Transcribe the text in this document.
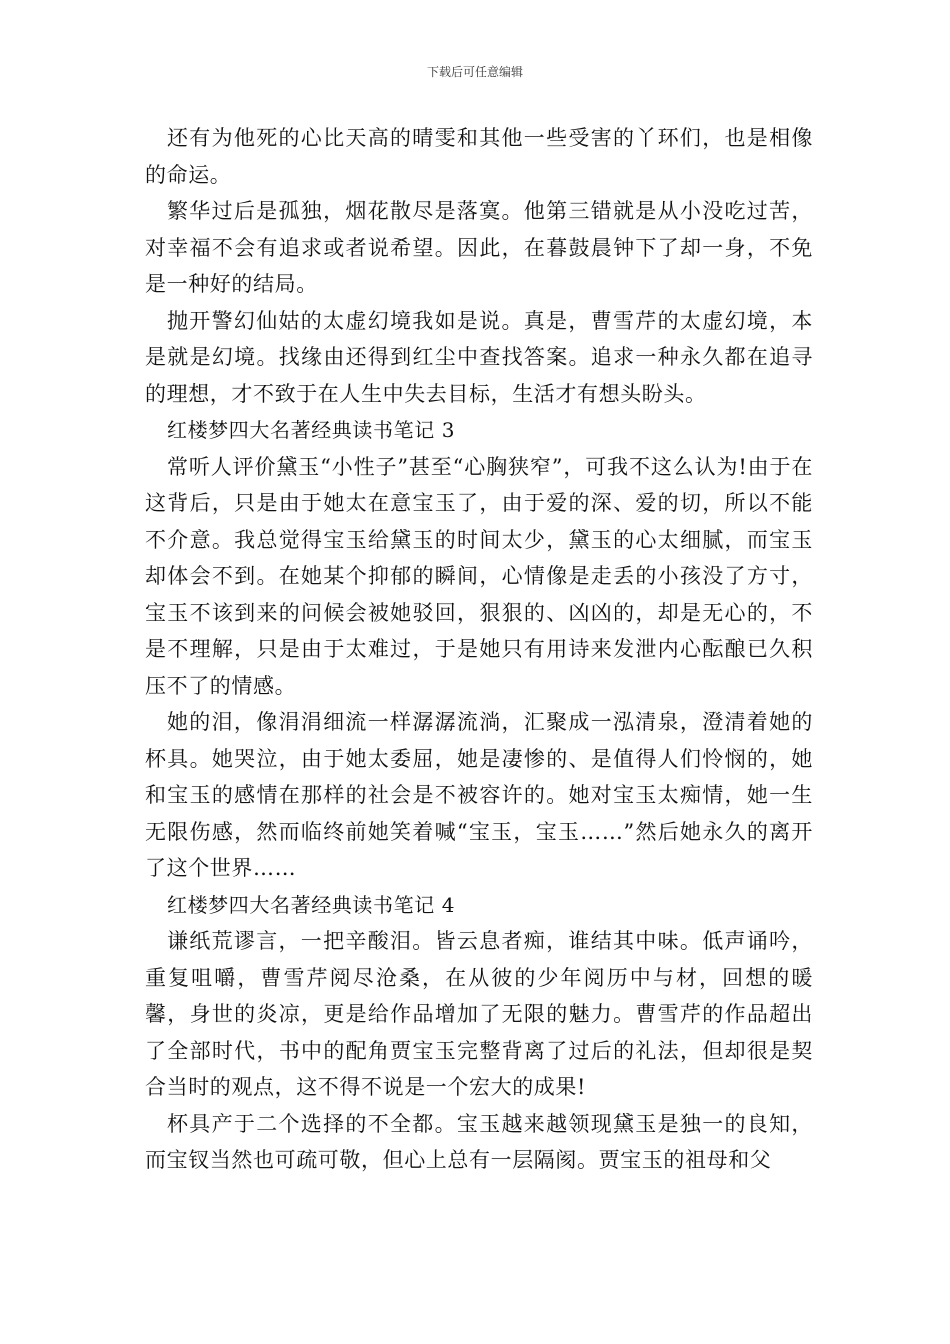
下载后可任意编辑

还有为他死的心比天高的晴雯和其他一些受害的丫环们，也是相像的命运。

繁华过后是孤独，烟花散尽是落寞。他第三错就是从小没吃过苦，对幸福不会有追求或者说希望。因此，在暮鼓晨钟下了却一身，不免是一种好的结局。

抛开警幻仙姑的太虚幻境我如是说。真是，曹雪芹的太虚幻境，本是就是幻境。找缘由还得到红尘中查找答案。追求一种永久都在追寻的理想，才不致于在人生中失去目标，生活才有想头盼头。

红楼梦四大名著经典读书笔记 3

常听人评价黛玉“小性子”甚至“心胸狭窄”，可我不这么认为!由于在这背后，只是由于她太在意宝玉了，由于爱的深、爱的切，所以不能不介意。我总觉得宝玉给黛玉的时间太少，黛玉的心太细腻，而宝玉却体会不到。在她某个抑郁的瞬间，心情像是走丢的小孩没了方寸，宝玉不该到来的问候会被她驳回，狠狠的、凶凶的，却是无心的，不是不理解，只是由于太难过，于是她只有用诗来发泄内心酝酿已久积压不了的情感。

她的泪，像涓涓细流一样潺潺流淌，汇聚成一泓清泉，澄清着她的杯具。她哭泣，由于她太委屈，她是凄惨的、是值得人们怜悯的，她和宝玉的感情在那样的社会是不被容许的。她对宝玉太痴情，她一生无限伤感，然而临终前她笑着喊“宝玉，宝玉……”然后她永久的离开了这个世界……

红楼梦四大名著经典读书笔记 4

谦纸荒谬言，一把辛酸泪。皆云息者痴，谁结其中味。低声诵吟，重复咀嚼，曹雪芹阅尽沧桑，在从彼的少年阅历中与材，回想的暖馨，身世的炎凉，更是给作品增加了无限的魅力。曹雪芹的作品超出了全部时代，书中的配角贾宝玉完整背离了过后的礼法，但却很是契合当时的观点，这不得不说是一个宏大的成果!

杯具产于二个选择的不全都。宝玉越来越领现黛玉是独一的良知，而宝钗当然也可疏可敬，但心上总有一层隔阂。贾宝玉的祖母和父
